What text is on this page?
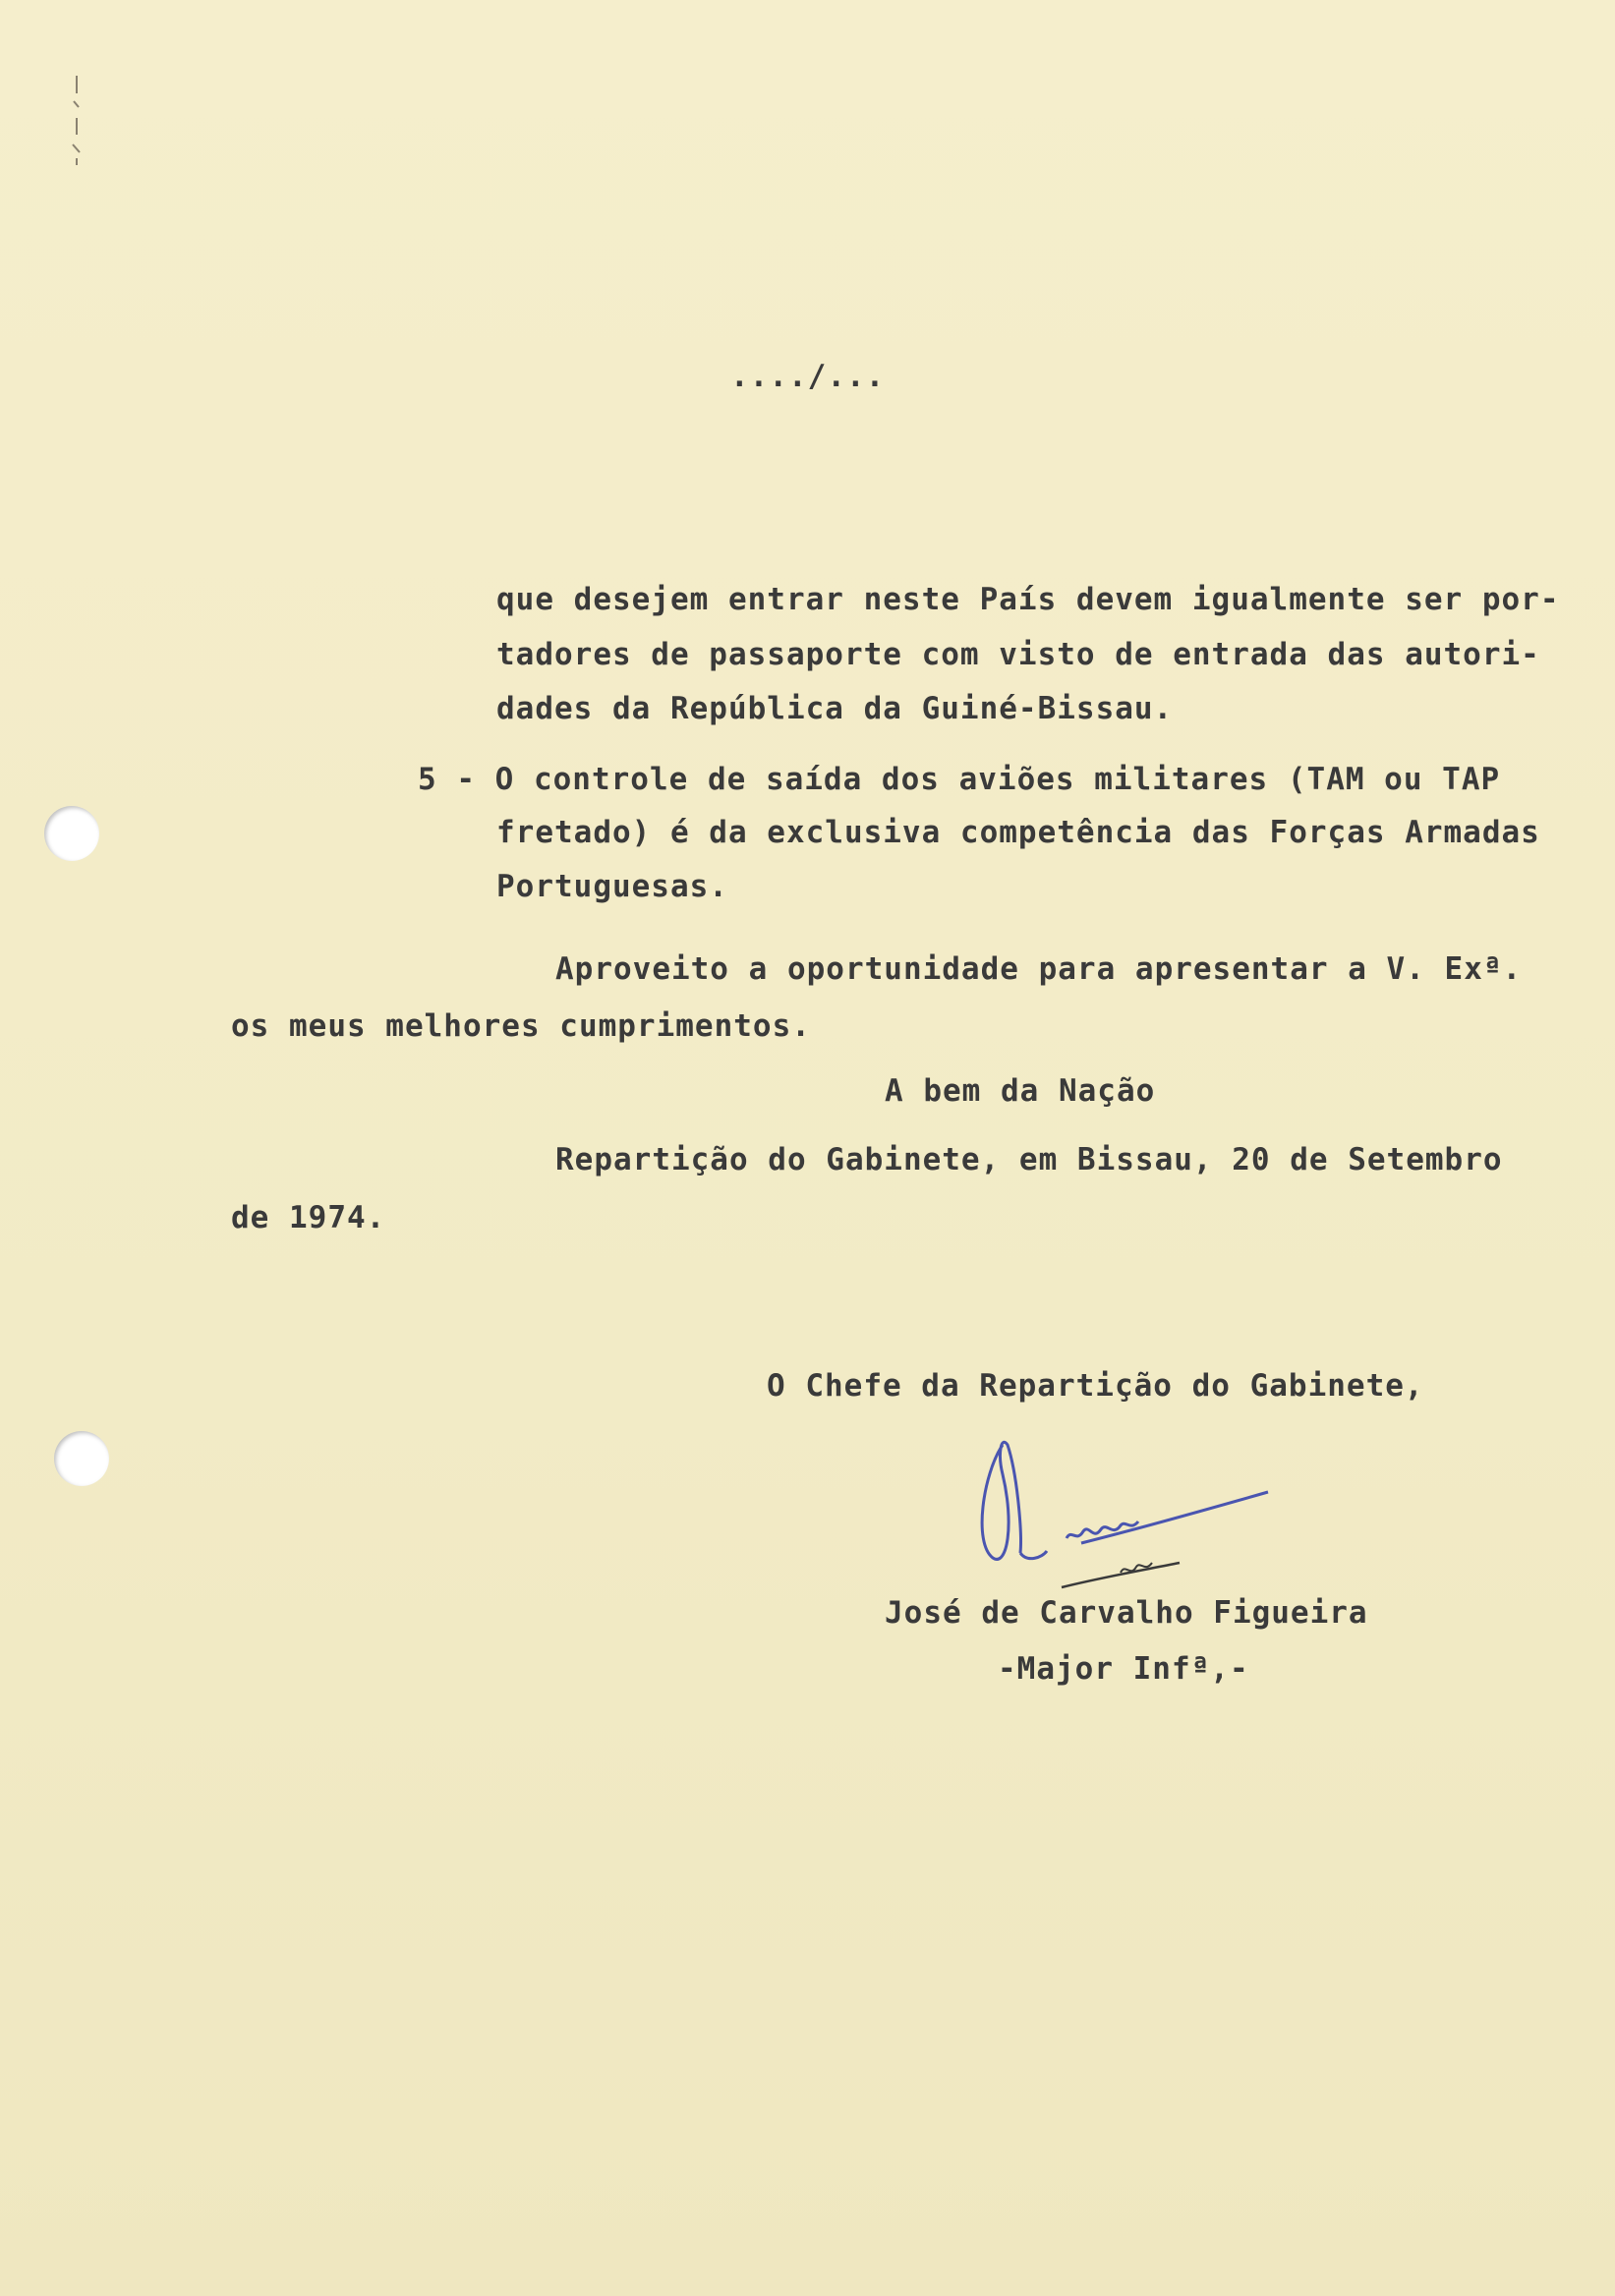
..../...
que desejem entrar neste País devem igualmente ser por-
tadores de passaporte com visto de entrada das autori-
dades da República da Guiné-Bissau.
5 - O controle de saída dos aviões militares (TAM ou TAP
fretado) é da exclusiva competência das Forças Armadas
Portuguesas.
Aproveito a oportunidade para apresentar a V. Exª.
os meus melhores cumprimentos.
A bem da Nação
Repartição do Gabinete, em Bissau, 20 de Setembro
de 1974.
O Chefe da Repartição do Gabinete,
José de Carvalho Figueira
-Major Infª,-
